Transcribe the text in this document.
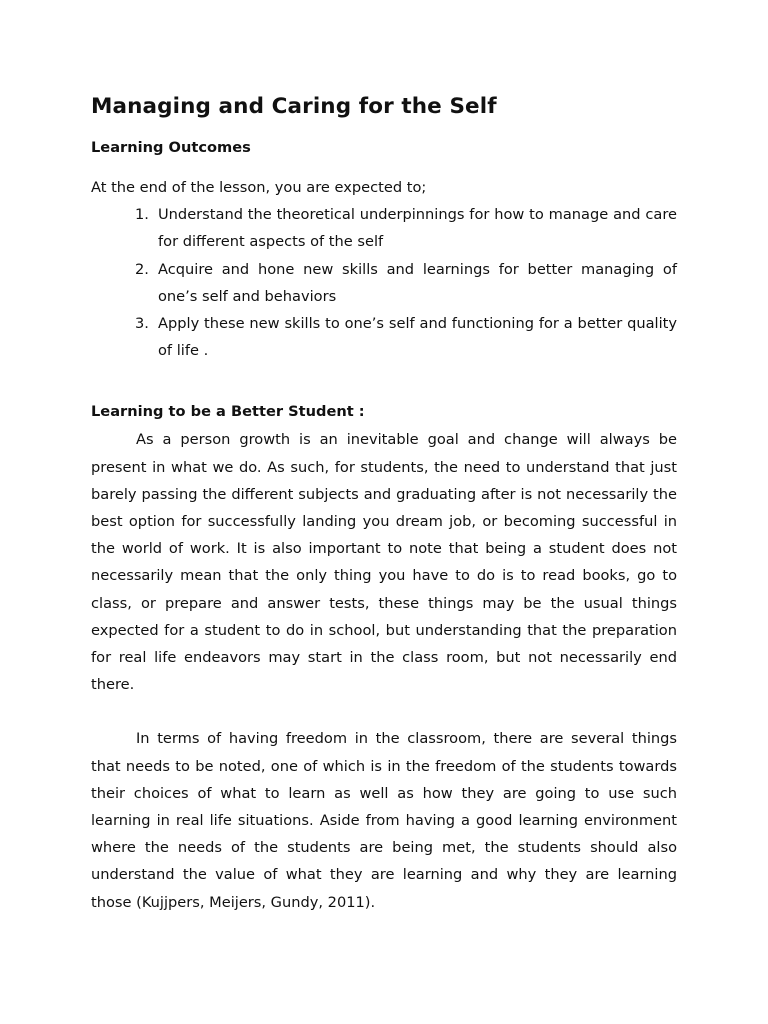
Managing and Caring for the Self
Learning Outcomes

At the end of the lesson, you are expected to;

1. Understand the theoretical underpinnings for how to manage and care for different aspects of the self
2. Acquire and hone new skills and learnings for better managing of one’s self and behaviors
3. Apply these new skills to one’s self and functioning for a better quality of life .
Learning to be a Better Student :

As a person growth is an inevitable goal and change will always be present in what we do. As such, for students, the need to understand that just barely passing the different subjects and graduating after is not necessarily the best option for successfully landing you dream job, or becoming successful in the world of work. It is also important to note that being a student does not necessarily mean that the only thing you have to do is to read books, go to class, or prepare and answer tests, these things may be the usual things expected for a student to do in school, but understanding that the preparation for real life endeavors may start in the class room, but not necessarily end there.

In terms of having freedom in the classroom, there are several things that needs to be noted, one of which is in the freedom of the students towards their choices of what to learn as well as how they are going to use such learning in real life situations. Aside from having a good learning environment where the needs of the students are being met, the students should also understand the value of what they are learning and why they are learning those (Kujjpers, Meijers, Gundy, 2011).
